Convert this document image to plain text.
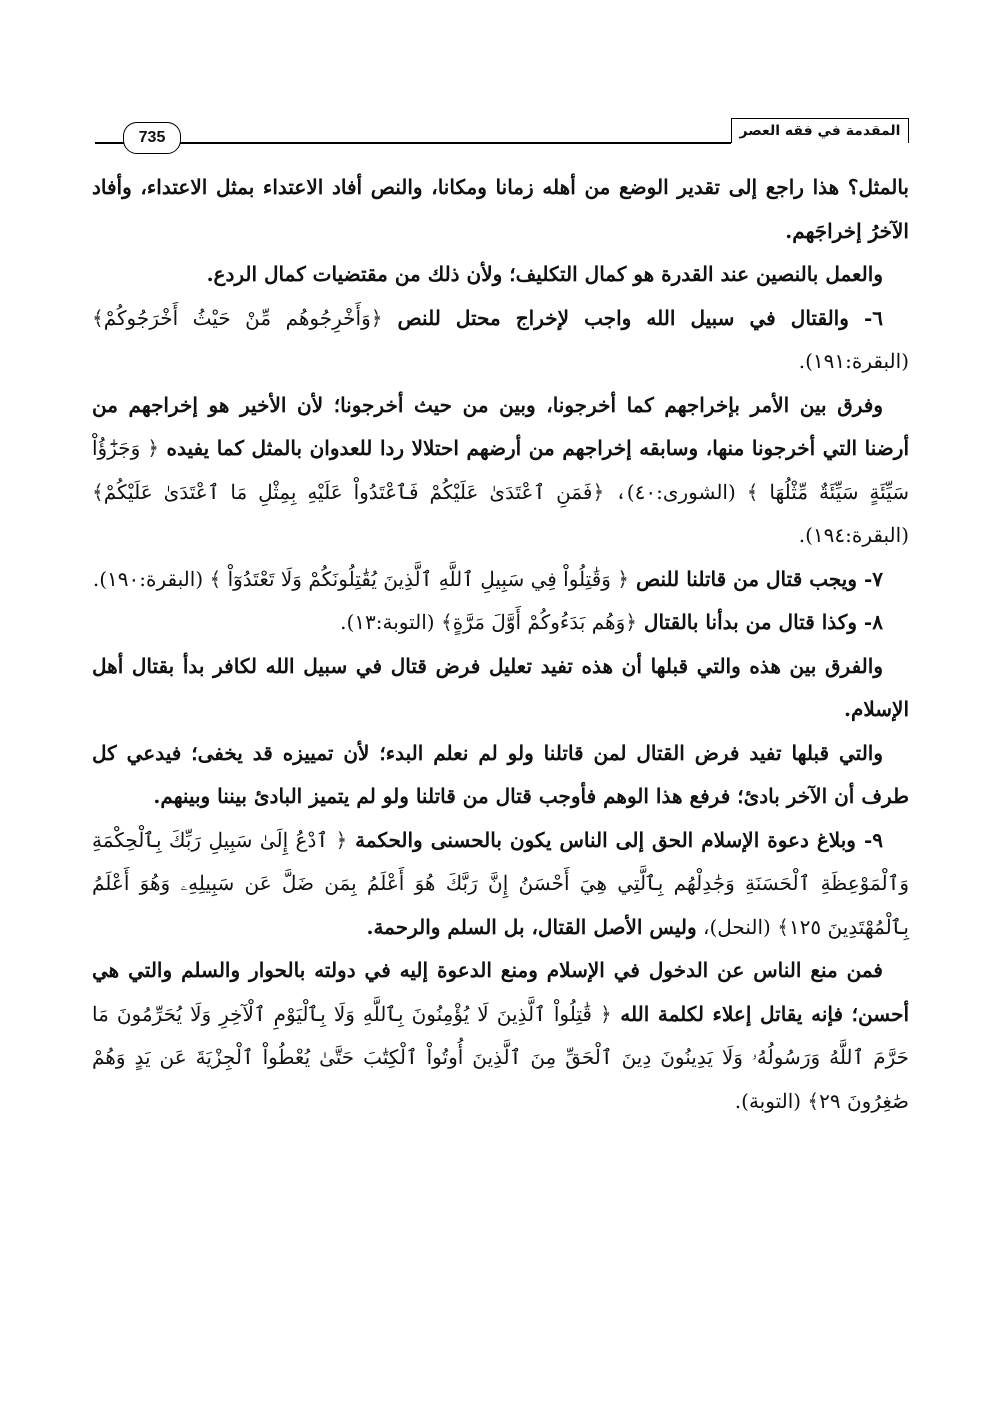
735	المقدمة في فقه العصر

بالمثل؟ هذا راجع إلى تقدير الوضع من أهله زمانا ومكانا، والنص أفاد الاعتداء بمثل الاعتداء، وأفاد الآخرُ إخراجَهم.

والعمل بالنصين عند القدرة هو كمال التكليف؛ ولأن ذلك من مقتضيات كمال الردع.

٦- والقتال في سبيل الله واجب لإخراج محتل للنص ﴿وَأَخْرِجُوهُم مِّنْ حَيْثُ أَخْرَجُوكُمْ﴾ (البقرة:١٩١).

وفرق بين الأمر بإخراجهم كما أخرجونا، وبين من حيث أخرجونا؛ لأن الأخير هو إخراجهم من أرضنا التي أخرجونا منها، وسابقه إخراجهم من أرضهم احتلالا ردا للعدوان بالمثل كما يفيده ﴿ وَجَزَٰٓؤُاْ سَيِّئَةٍ سَيِّئَةٌ مِّثْلُهَا ﴾ (الشورى:٤٠)، ﴿فَمَنِ ٱعْتَدَىٰ عَلَيْكُمْ فَٱعْتَدُواْ عَلَيْهِ بِمِثْلِ مَا ٱعْتَدَىٰ عَلَيْكُمْ﴾ (البقرة:١٩٤).

٧- ويجب قتال من قاتلنا للنص ﴿ وَقَٰتِلُواْ فِي سَبِيلِ ٱللَّهِ ٱلَّذِينَ يُقَٰتِلُونَكُمْ وَلَا تَعْتَدُوٓاْ ﴾ (البقرة:١٩٠).

٨- وكذا قتال من بدأنا بالقتال ﴿وَهُم بَدَءُوكُمْ أَوَّلَ مَرَّةٍ﴾ (التوبة:١٣).

والفرق بين هذه والتي قبلها أن هذه تفيد تعليل فرض قتال في سبيل الله لكافر بدأ بقتال أهل الإسلام.

والتي قبلها تفيد فرض القتال لمن قاتلنا ولو لم نعلم البدء؛ لأن تمييزه قد يخفى؛ فيدعي كل طرف أن الآخر بادئ؛ فرفع هذا الوهم فأوجب قتال من قاتلنا ولو لم يتميز البادئ بيننا وبينهم.

٩- وبلاغ دعوة الإسلام الحق إلى الناس يكون بالحسنى والحكمة ﴿ ٱدْعُ إِلَىٰ سَبِيلِ رَبِّكَ بِٱلْحِكْمَةِ وَٱلْمَوْعِظَةِ ٱلْحَسَنَةِ وَجَٰدِلْهُم بِٱلَّتِي هِيَ أَحْسَنُ إِنَّ رَبَّكَ هُوَ أَعْلَمُ بِمَن ضَلَّ عَن سَبِيلِهِۦ وَهُوَ أَعْلَمُ بِٱلْمُهْتَدِينَ ١٢٥﴾ (النحل)، وليس الأصل القتال، بل السلم والرحمة.

فمن منع الناس عن الدخول في الإسلام ومنع الدعوة إليه في دولته بالحوار والسلم والتي هي أحسن؛ فإنه يقاتل إعلاء لكلمة الله ﴿ قَٰتِلُواْ ٱلَّذِينَ لَا يُؤْمِنُونَ بِٱللَّهِ وَلَا بِٱلْيَوْمِ ٱلْآخِرِ وَلَا يُحَرِّمُونَ مَا حَرَّمَ ٱللَّهُ وَرَسُولُهُۥ وَلَا يَدِينُونَ دِينَ ٱلْحَقِّ مِنَ ٱلَّذِينَ أُوتُواْ ٱلْكِتَٰبَ حَتَّىٰ يُعْطُواْ ٱلْجِزْيَةَ عَن يَدٍ وَهُمْ صَٰغِرُونَ ٢٩﴾ (التوبة).
